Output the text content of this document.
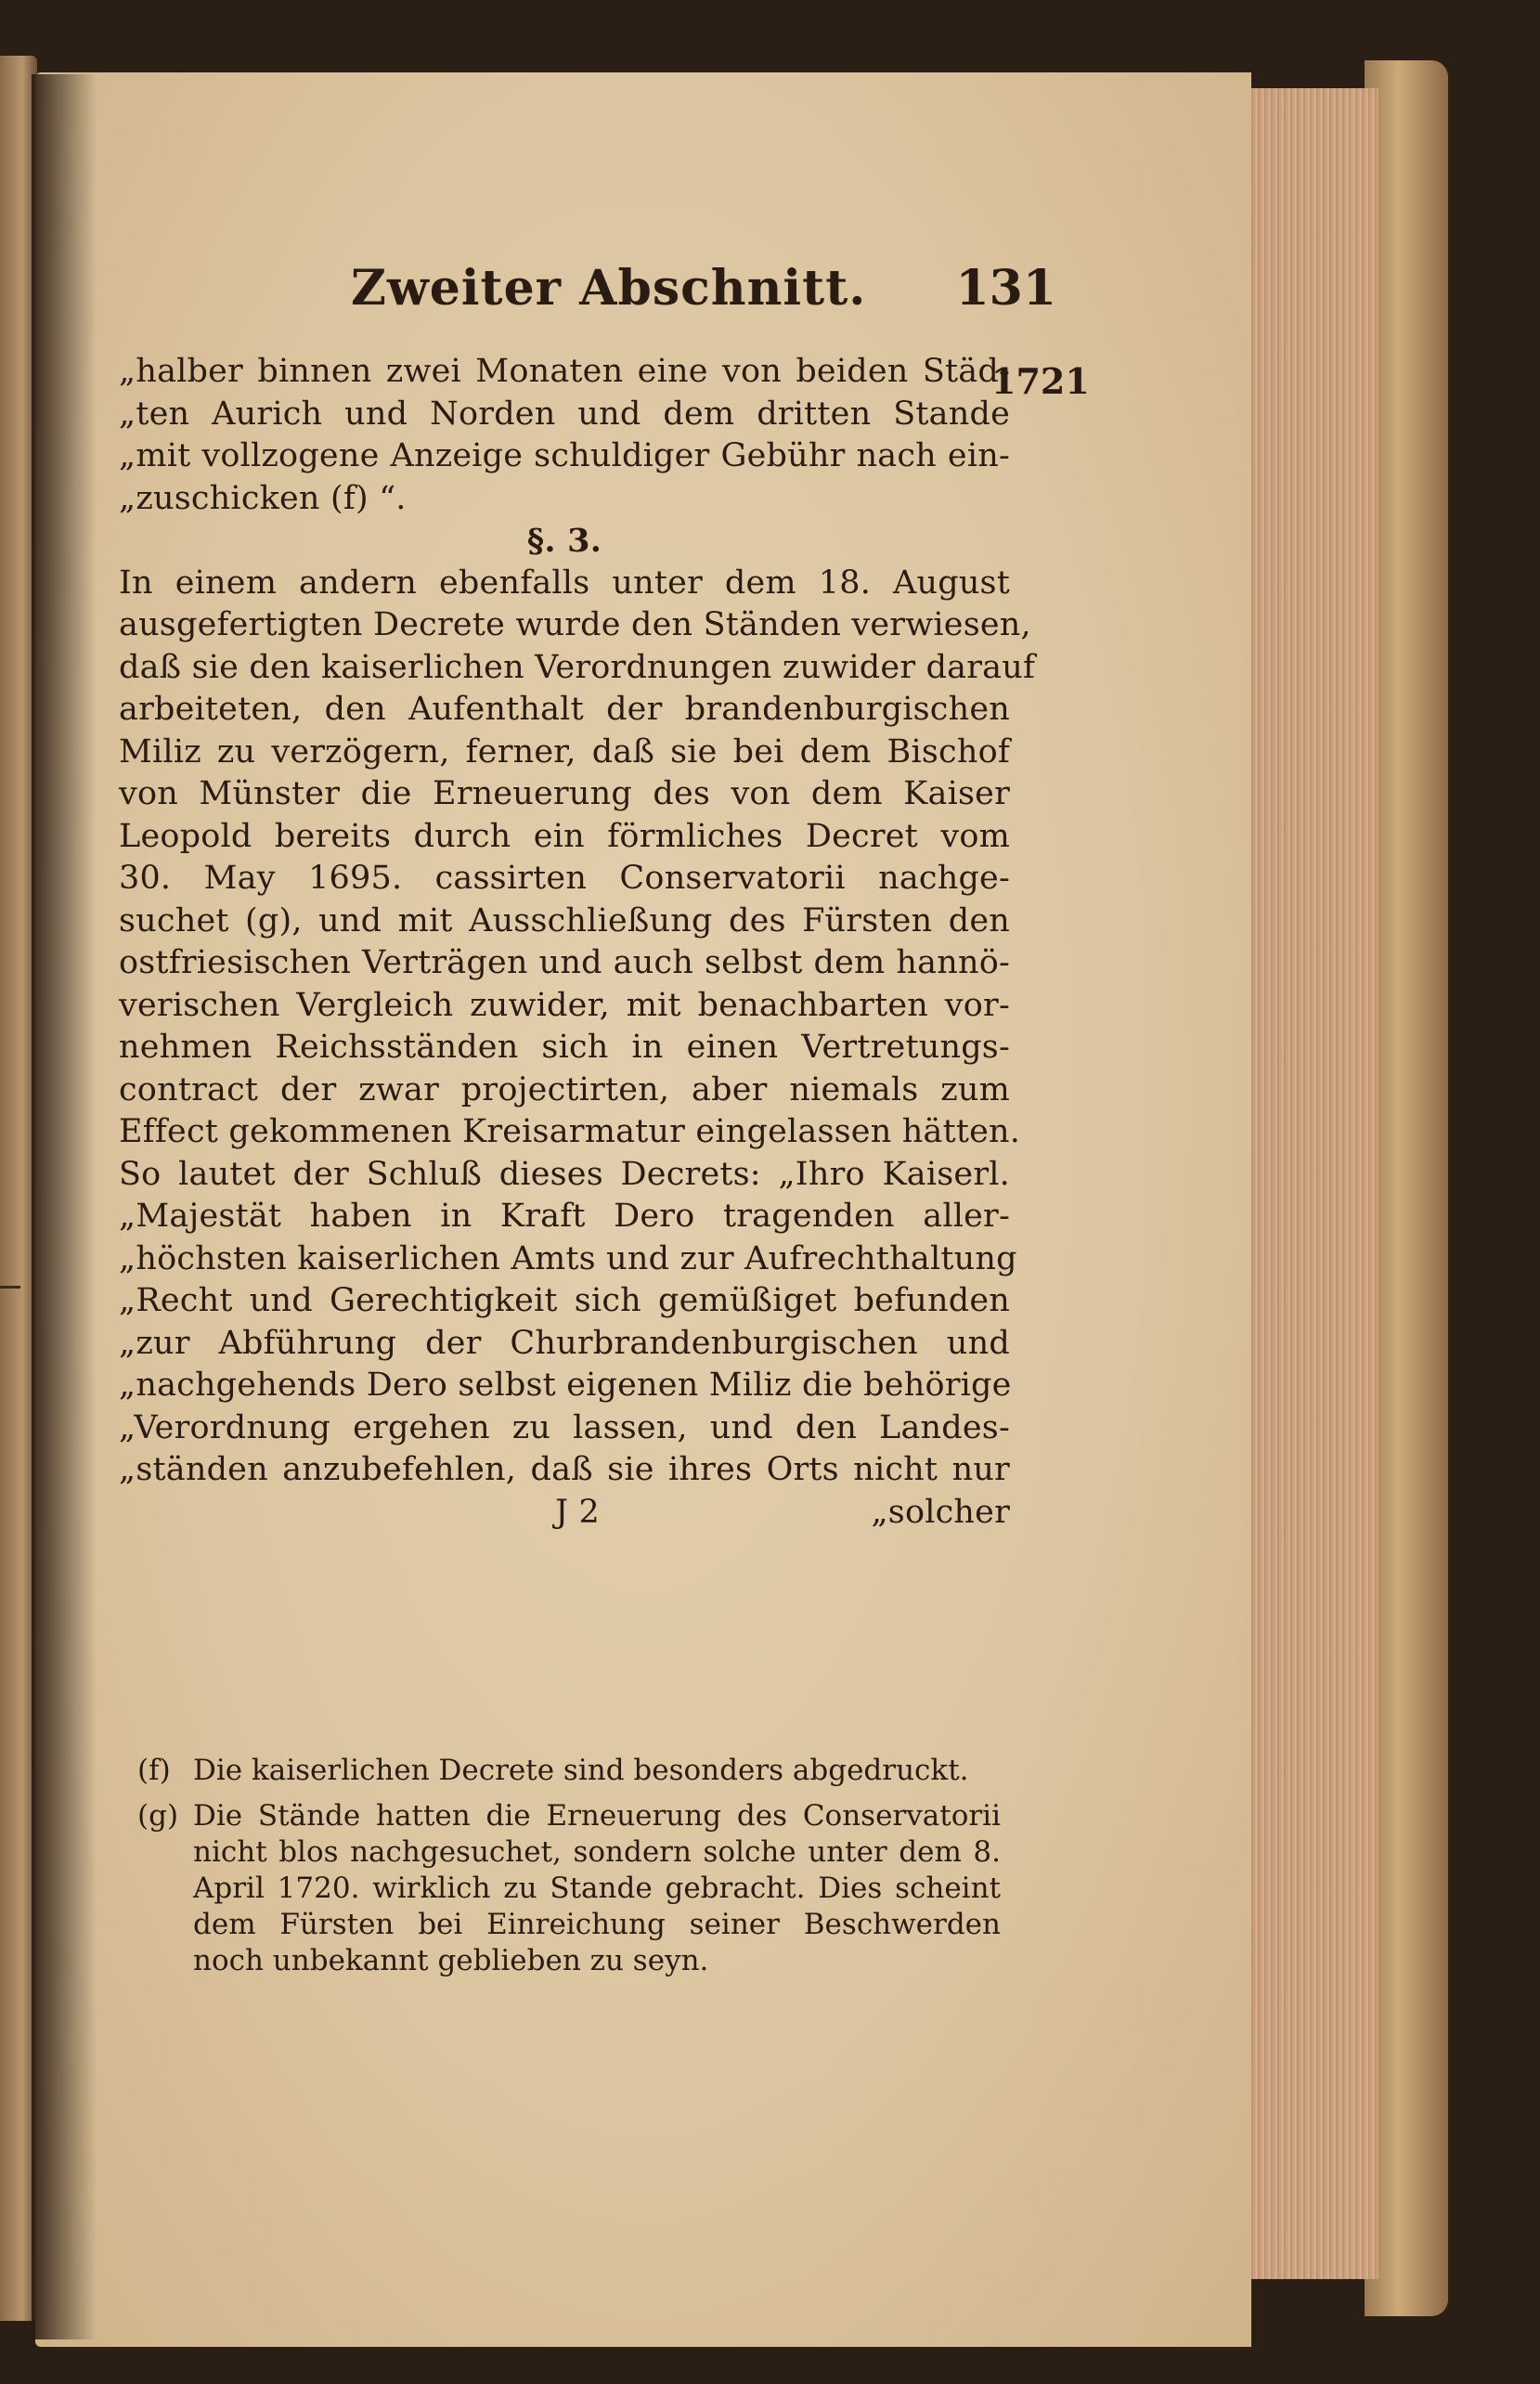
Zweiter Abschnitt. 131
1721
„halber binnen zwei Monaten eine von beiden Städ-
„ten Aurich und Norden und dem dritten Stande
„mit vollzogene Anzeige schuldiger Gebühr nach ein-
„zuschicken (f) “.
§. 3.
In einem andern ebenfalls unter dem 18. August
ausgefertigten Decrete wurde den Ständen verwiesen,
daß sie den kaiserlichen Verordnungen zuwider darauf
arbeiteten, den Aufenthalt der brandenburgischen
Miliz zu verzögern, ferner, daß sie bei dem Bischof
von Münster die Erneuerung des von dem Kaiser
Leopold bereits durch ein förmliches Decret vom
30. May 1695. cassirten Conservatorii nachge-
suchet (g), und mit Ausschließung des Fürsten den
ostfriesischen Verträgen und auch selbst dem hannö-
verischen Vergleich zuwider, mit benachbarten vor-
nehmen Reichsständen sich in einen Vertretungs-
contract der zwar projectirten, aber niemals zum
Effect gekommenen Kreisarmatur eingelassen hätten.
So lautet der Schluß dieses Decrets: „Ihro Kaiserl.
„Majestät haben in Kraft Dero tragenden aller-
„höchsten kaiserlichen Amts und zur Aufrechthaltung
„Recht und Gerechtigkeit sich gemüßiget befunden
„zur Abführung der Churbrandenburgischen und
„nachgehends Dero selbst eigenen Miliz die behörige
„Verordnung ergehen zu lassen, und den Landes-
„ständen anzubefehlen, daß sie ihres Orts nicht nur
J 2	„solcher
(f) Die kaiserlichen Decrete sind besonders abgedruckt.
(g) Die Stände hatten die Erneuerung des Conservatorii nicht blos nachgesuchet, sondern solche unter dem 8. April 1720. wirklich zu Stande gebracht. Dies scheint dem Fürsten bei Einreichung seiner Beschwerden noch unbekannt geblieben zu seyn.
